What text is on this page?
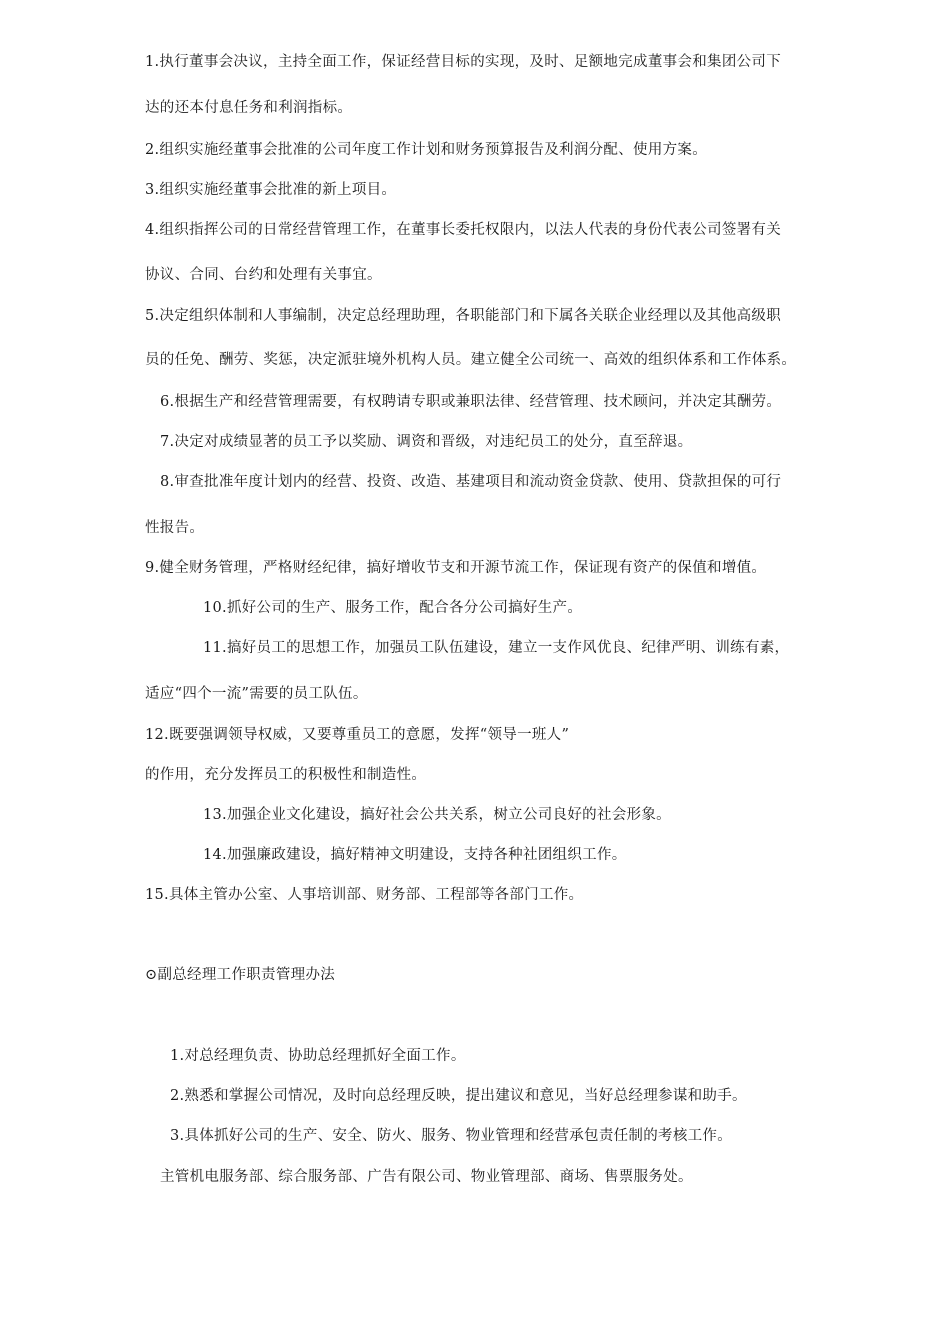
1.执行董事会决议，主持全面工作，保证经营目标的实现，及时、足额地完成董事会和集团公司下
达的还本付息任务和利润指标。
2.组织实施经董事会批准的公司年度工作计划和财务预算报告及利润分配、使用方案。
3.组织实施经董事会批准的新上项目。
4.组织指挥公司的日常经营管理工作，在董事长委托权限内，以法人代表的身份代表公司签署有关
协议、合同、台约和处理有关事宜。
5.决定组织体制和人事编制，决定总经理助理，各职能部门和下属各关联企业经理以及其他高级职
员的任免、酬劳、奖惩，决定派驻境外机构人员。建立健全公司统一、高效的组织体系和工作体系。
6.根据生产和经营管理需要，有权聘请专职或兼职法律、经营管理、技术顾问，并决定其酬劳。
7.决定对成绩显著的员工予以奖励、调资和晋级，对违纪员工的处分，直至辞退。
8.审查批准年度计划内的经营、投资、改造、基建项目和流动资金贷款、使用、贷款担保的可行
性报告。
9.健全财务管理，严格财经纪律，搞好增收节支和开源节流工作，保证现有资产的保值和增值。
10.抓好公司的生产、服务工作，配合各分公司搞好生产。
11.搞好员工的思想工作，加强员工队伍建设，建立一支作风优良、纪律严明、训练有素，
适应“四个一流”需要的员工队伍。
12.既要强调领导权威，又要尊重员工的意愿，发挥“领导一班人”
的作用，充分发挥员工的积极性和制造性。
13.加强企业文化建设，搞好社会公共关系，树立公司良好的社会形象。
14.加强廉政建设，搞好精神文明建设，支持各种社团组织工作。
15.具体主管办公室、人事培训部、财务部、工程部等各部门工作。
⊙副总经理工作职责管理办法
1.对总经理负责、协助总经理抓好全面工作。
2.熟悉和掌握公司情况，及时向总经理反映，提出建议和意见，当好总经理参谋和助手。
3.具体抓好公司的生产、安全、防火、服务、物业管理和经营承包责任制的考核工作。
主管机电服务部、综合服务部、广告有限公司、物业管理部、商场、售票服务处。
